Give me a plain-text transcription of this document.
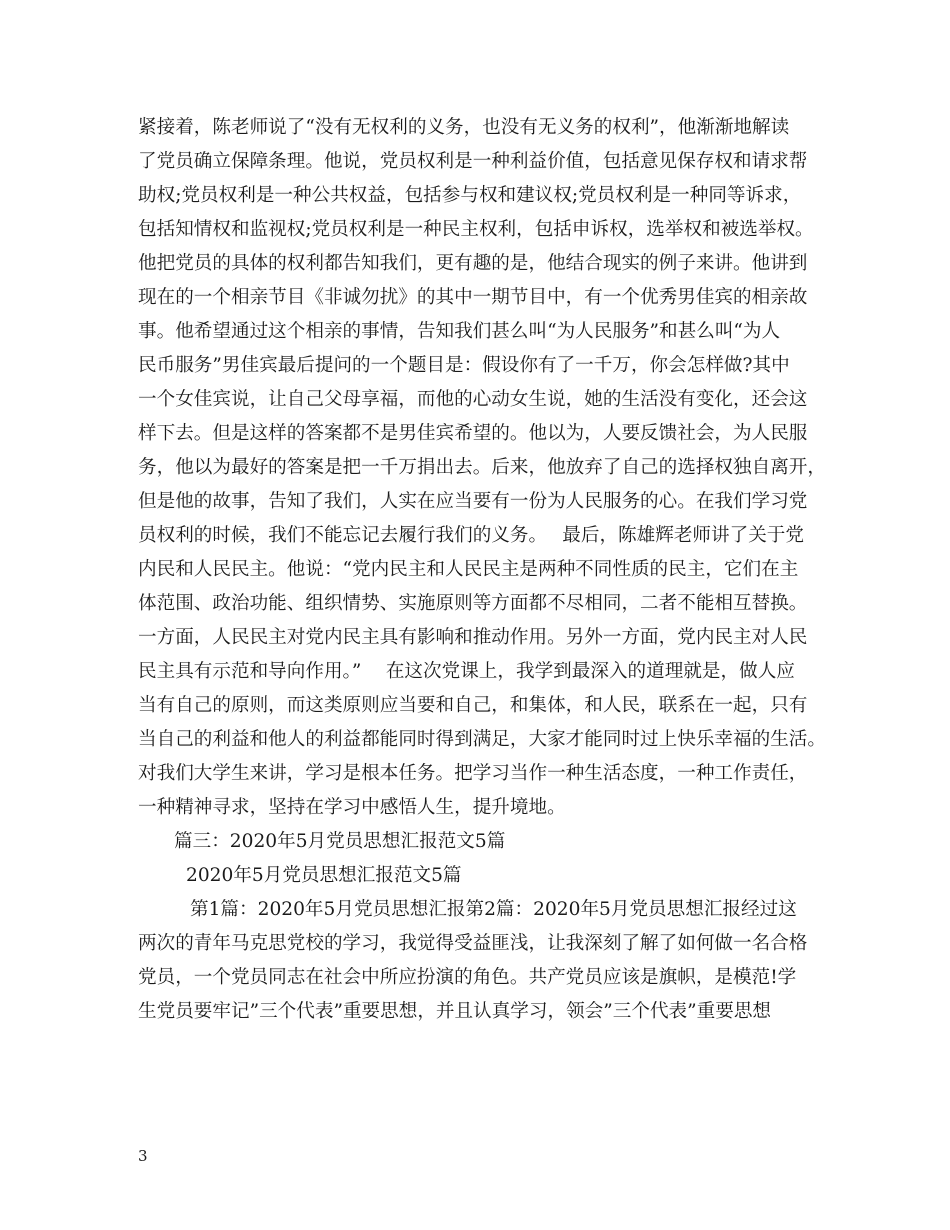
紧接着，陈老师说了“没有无权利的义务，也没有无义务的权利”，他渐渐地解读
了党员确立保障条理。他说，党员权利是一种利益价值，包括意见保存权和请求帮
助权;党员权利是一种公共权益，包括参与权和建议权;党员权利是一种同等诉求，
包括知情权和监视权;党员权利是一种民主权利，包括申诉权，选举权和被选举权。
他把党员的具体的权利都告知我们，更有趣的是，他结合现实的例子来讲。他讲到
现在的一个相亲节目《非诚勿扰》的其中一期节目中，有一个优秀男佳宾的相亲故
事。他希望通过这个相亲的事情，告知我们甚么叫“为人民服务”和甚么叫“为人
民币服务”男佳宾最后提问的一个题目是：假设你有了一千万，你会怎样做?其中
一个女佳宾说，让自己父母享福，而他的心动女生说，她的生活没有变化，还会这
样下去。但是这样的答案都不是男佳宾希望的。他以为，人要反馈社会，为人民服
务，他以为最好的答案是把一千万捐出去。后来，他放弃了自己的选择权独自离开，
但是他的故事，告知了我们，人实在应当要有一份为人民服务的心。在我们学习党
员权利的时候，我们不能忘记去履行我们的义务。　 最后，陈雄辉老师讲了关于党
内民和人民民主。他说：“党内民主和人民民主是两种不同性质的民主，它们在主
体范围、政治功能、组织情势、实施原则等方面都不尽相同，二者不能相互替换。
一方面，人民民主对党内民主具有影响和推动作用。另外一方面，党内民主对人民
民主具有示范和导向作用。”　 在这次党课上，我学到最深入的道理就是，做人应
当有自己的原则，而这类原则应当要和自己，和集体，和人民，联系在一起，只有
当自己的利益和他人的利益都能同时得到满足，大家才能同时过上快乐幸福的生活。
对我们大学生来讲，学习是根本任务。把学习当作一种生活态度，一种工作责任，
一种精神寻求，坚持在学习中感悟人生，提升境地。
篇三：2020年5月党员思想汇报范文5篇
2020年5月党员思想汇报范文5篇
第1篇：2020年5月党员思想汇报第2篇：2020年5月党员思想汇报经过这
两次的青年马克思党校的学习，我觉得受益匪浅，让我深刻了解了如何做一名合格
党员，一个党员同志在社会中所应扮演的角色。共产党员应该是旗帜，是模范!学
生党员要牢记”三个代表”重要思想，并且认真学习，领会”三个代表”重要思想
3
